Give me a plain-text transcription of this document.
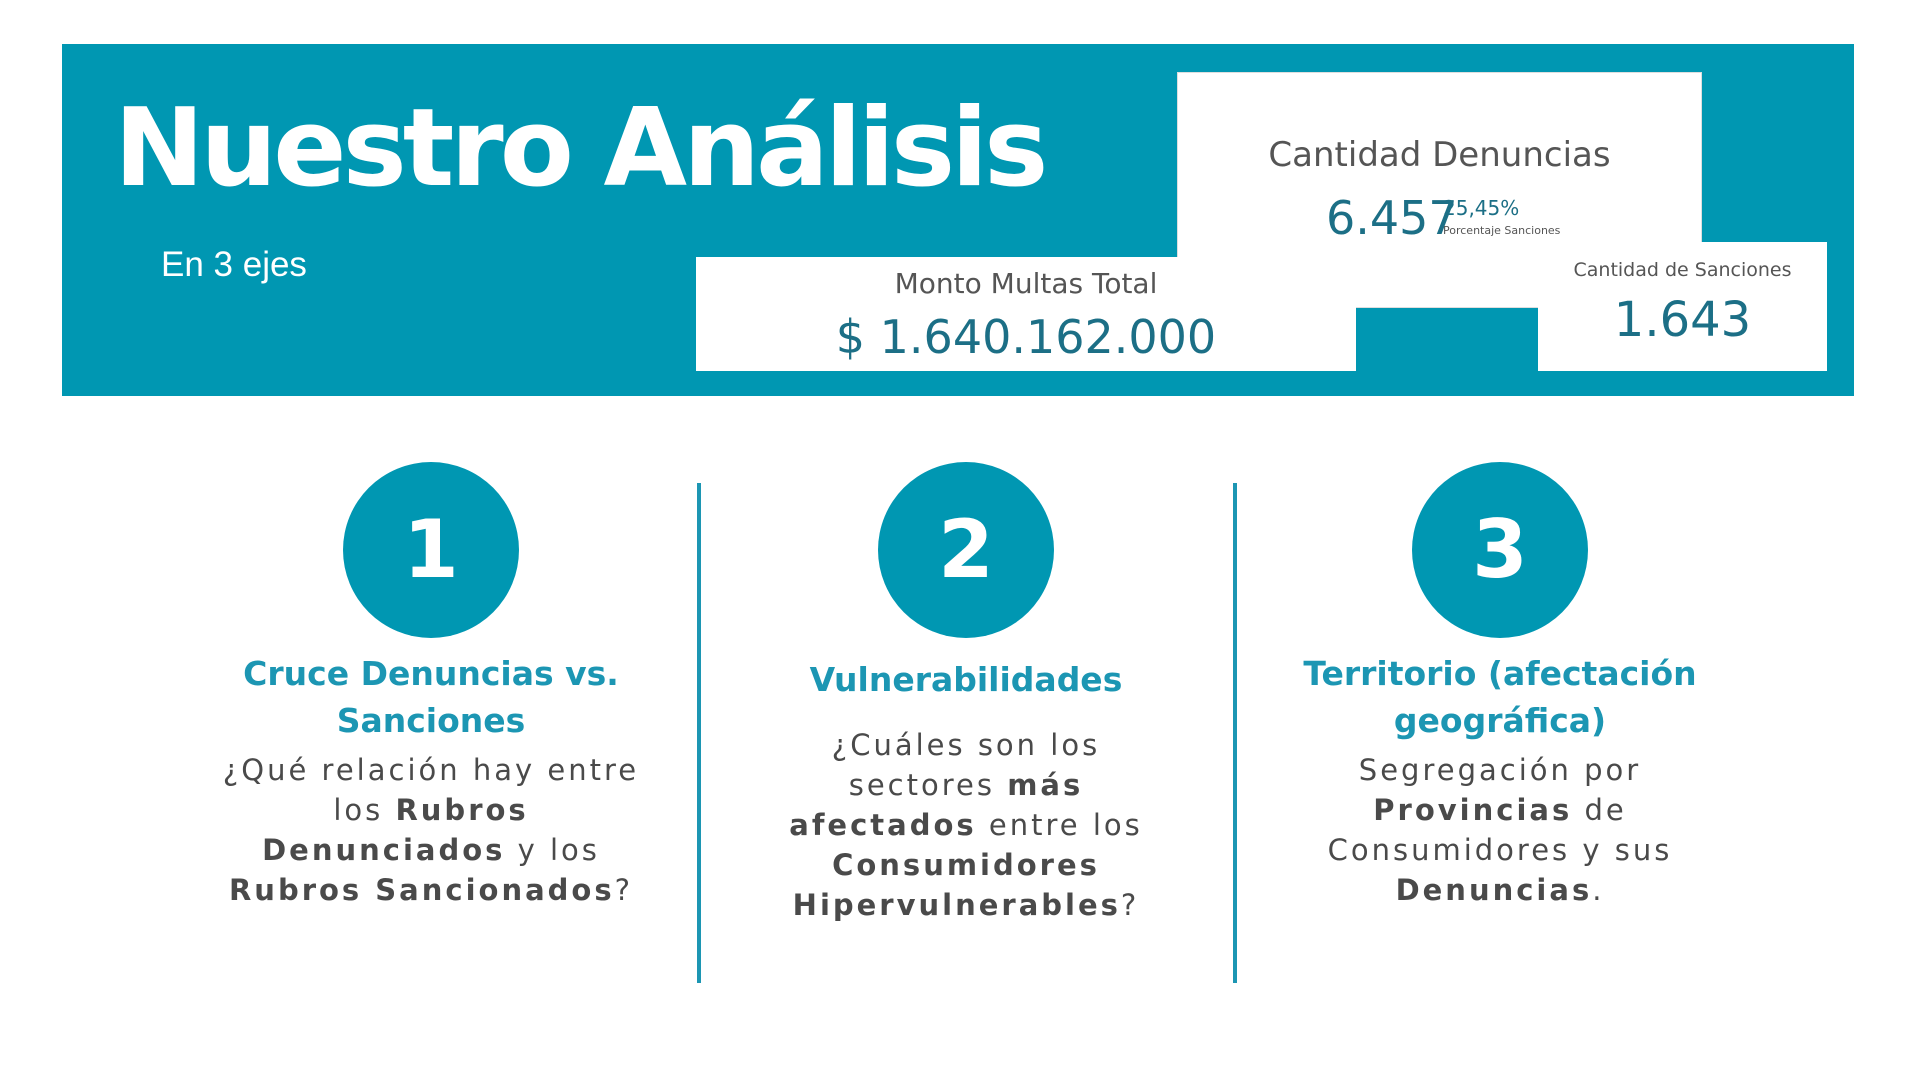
Nuestro Análisis
En 3 ejes
Cantidad Denuncias
6.457
25,45%
Porcentaje Sanciones
Monto Multas Total
$ 1.640.162.000
Cantidad de Sanciones
1.643
1
Cruce Denuncias vs.
Sanciones
¿Qué relación hay entre
los Rubros
Denunciados y los
Rubros Sancionados?
2
Vulnerabilidades
¿Cuáles son los
sectores más
afectados entre los
Consumidores
Hipervulnerables?
3
Territorio (afectación
geográfica)
Segregación por
Provincias de
Consumidores y sus
Denuncias.
